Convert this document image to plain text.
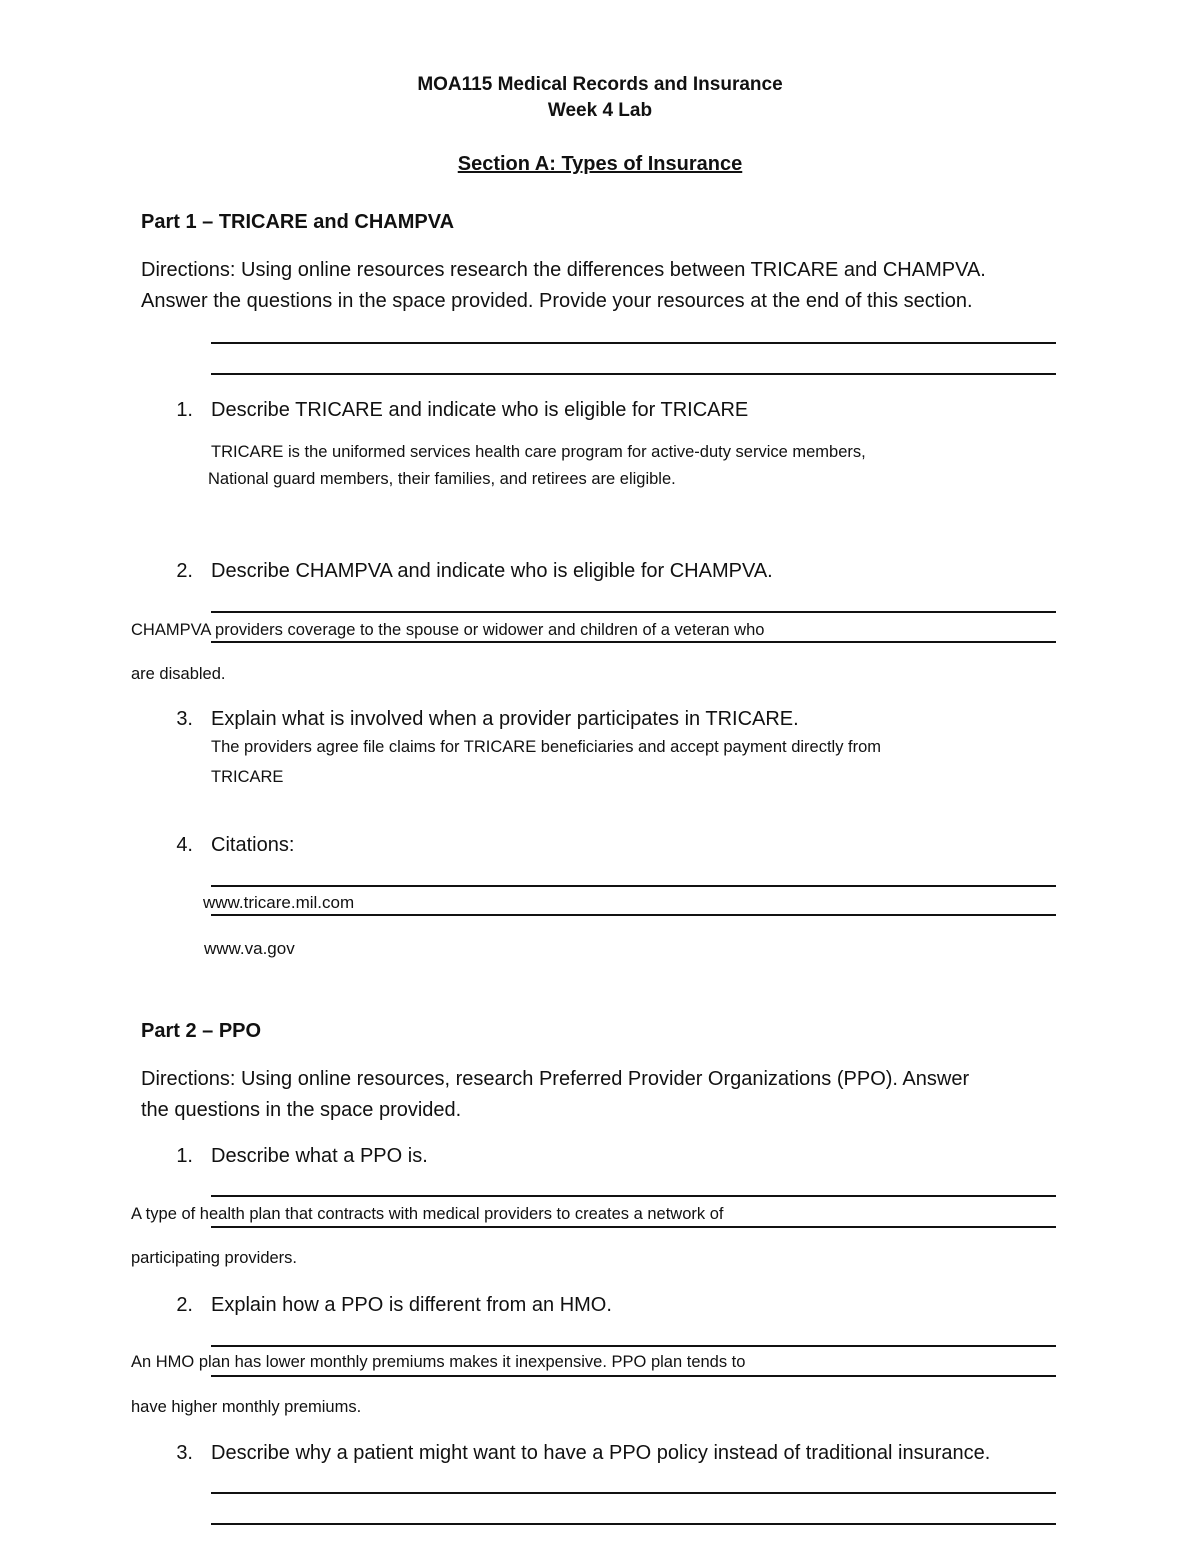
MOA115 Medical Records and Insurance
Week 4 Lab
Section A: Types of Insurance
Part 1 – TRICARE and CHAMPVA
Directions: Using online resources research the differences between TRICARE and CHAMPVA.
Answer the questions in the space provided. Provide your resources at the end of this section.
1. Describe TRICARE and indicate who is eligible for TRICARE
TRICARE is the uniformed services health care program for active-duty service members,
National guard members, their families, and retirees are eligible.
2. Describe CHAMPVA and indicate who is eligible for CHAMPVA.
CHAMPVA providers coverage to the spouse or widower and children of a veteran who
are disabled.
3. Explain what is involved when a provider participates in TRICARE.
The providers agree file claims for TRICARE beneficiaries and accept payment directly from
TRICARE
4. Citations:
www.tricare.mil.com
www.va.gov
Part 2 – PPO
Directions: Using online resources, research Preferred Provider Organizations (PPO). Answer
the questions in the space provided.
1. Describe what a PPO is.
A type of health plan that contracts with medical providers to creates a network of
participating providers.
2. Explain how a PPO is different from an HMO.
An HMO plan has lower monthly premiums makes it inexpensive. PPO plan tends to
have higher monthly premiums.
3. Describe why a patient might want to have a PPO policy instead of traditional insurance.
